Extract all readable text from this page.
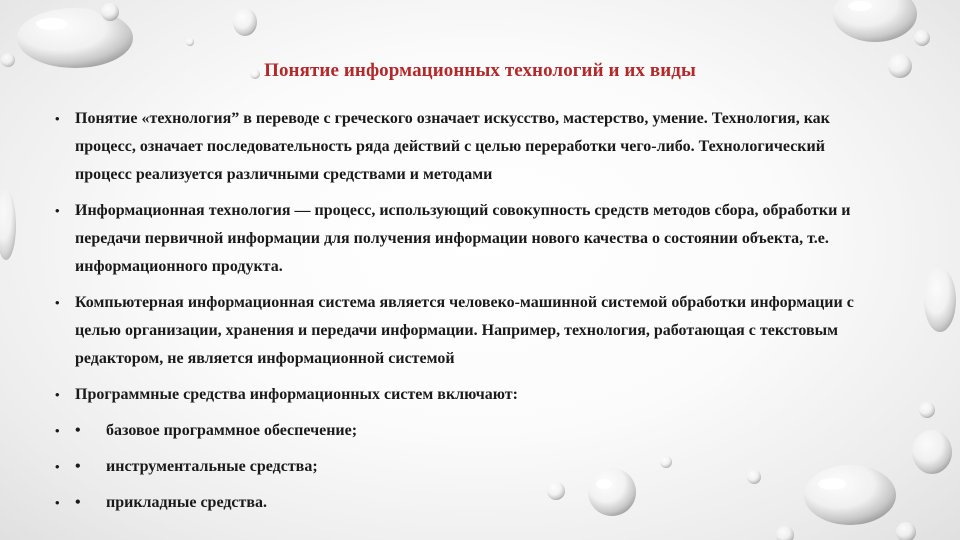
Понятие информационных технологий и их виды
• Понятие «технология” в переводе с греческого означает искусство, мастерство, умение. Технология, как процесс, означает последовательность ряда действий с целью переработки чего-либо. Технологический процесс реализуется различными средствами и методами
• Информационная технология — процесс, использующий совокупность средств методов сбора, обработки и передачи первичной информации для получения информации нового качества о состоянии объекта, т.е. информационного продукта.
• Компьютерная информационная система является человеко-машинной системой обработки информации с целью организации, хранения и передачи информации. Например, технология, работающая с текстовым редактором, не является информационной системой
• Программные средства информационных систем включают:
• •	базовое программное обеспечение;
• •	инструментальные средства;
• •	прикладные средства.
